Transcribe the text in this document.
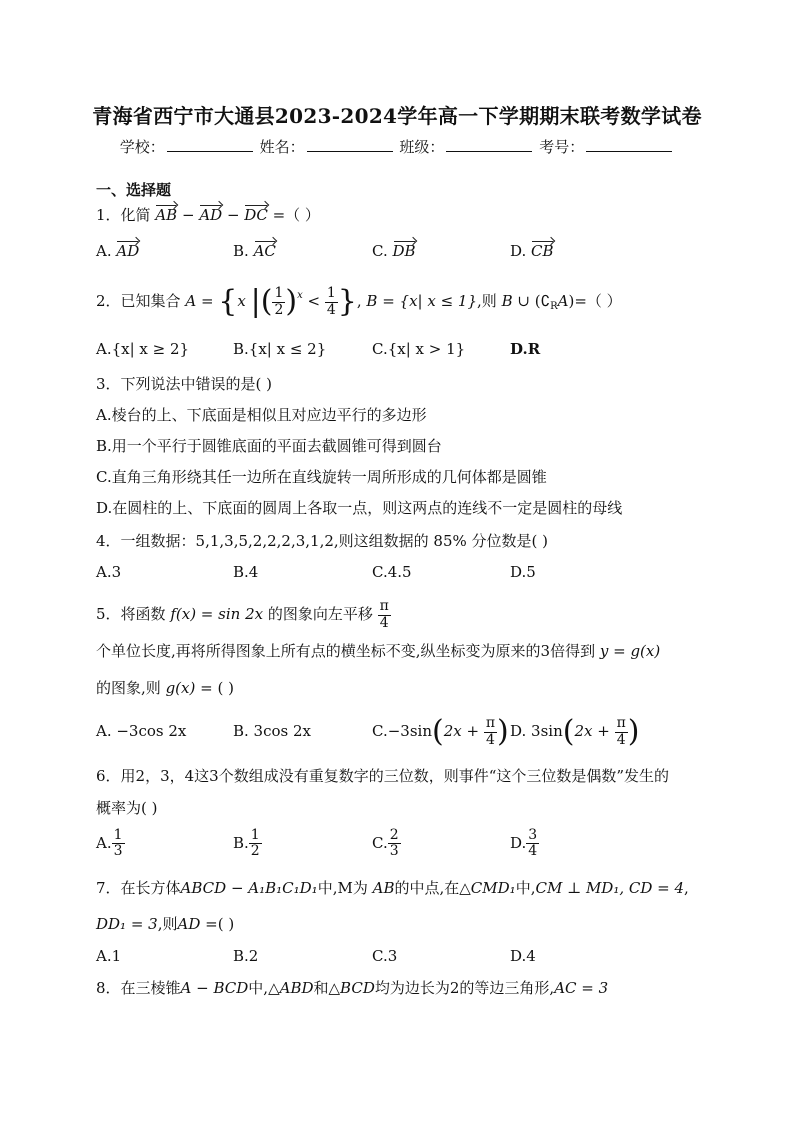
青海省西宁市大通县2023-2024学年高一下学期期末联考数学试卷
学校：	姓名：	班级：	考号：
一、选择题
1．化简 AB − AD − DC =（ ）
A. AD	B. AC	C. DB	D. CB
2．已知集合 A = {x |( $\frac{1}{2} )^x < \frac{1}{4}$ }, B = {x| x ≤ 1},则 B ∪ $(∁_RA)=$（ ）
A.{x| x ≥ 2}	B.{x| x ≤ 2}	C.{x| x > 1}	D.R
3．下列说法中错误的是( )
A.棱台的上、下底面是相似且对应边平行的多边形
B.用一个平行于圆锥底面的平面去截圆锥可得到圆台
C.直角三角形绕其任一边所在直线旋转一周所形成的几何体都是圆锥
D.在圆柱的上、下底面的圆周上各取一点，则这两点的连线不一定是圆柱的母线
4．一组数据：5,1,3,5,2,2,2,3,1,2,则这组数据的 85% 分位数是( )
A.3	B.4	C.4.5	D.5
5．将函数 f(x) = sin 2x 的图象向左平移 $\frac{\pi}{4}$
个单位长度,再将所得图象上所有点的横坐标不变,纵坐标变为原来的3倍得到 y = g(x)
的图象,则 g(x) = ( )
A. −3cos 2x	B. 3cos 2x	$C.-3\sin(2x + \frac{\pi}{4}$ ) D. $3\sin(2x + \frac{\pi}{4}$ )
6．用2，3，4这3个数组成没有重复数字的三位数，则事件“这个三位数是偶数”发生的
概率为( )
A. $\frac{1}{3}$	B. $\frac{1}{2}$	C. $\frac{2}{3}$	D. $\frac{3}{4}$
7．在长方体ABCD − A₁B₁C₁D₁中,M为 AB的中点,在△CMD₁中,CM ⊥ MD₁, CD = 4,
DD₁ = 3,则AD =( )
A.1	B.2	C.3	D.4
8．在三棱锥A − BCD中,△ABD和△BCD均为边长为2的等边三角形,AC = 3
